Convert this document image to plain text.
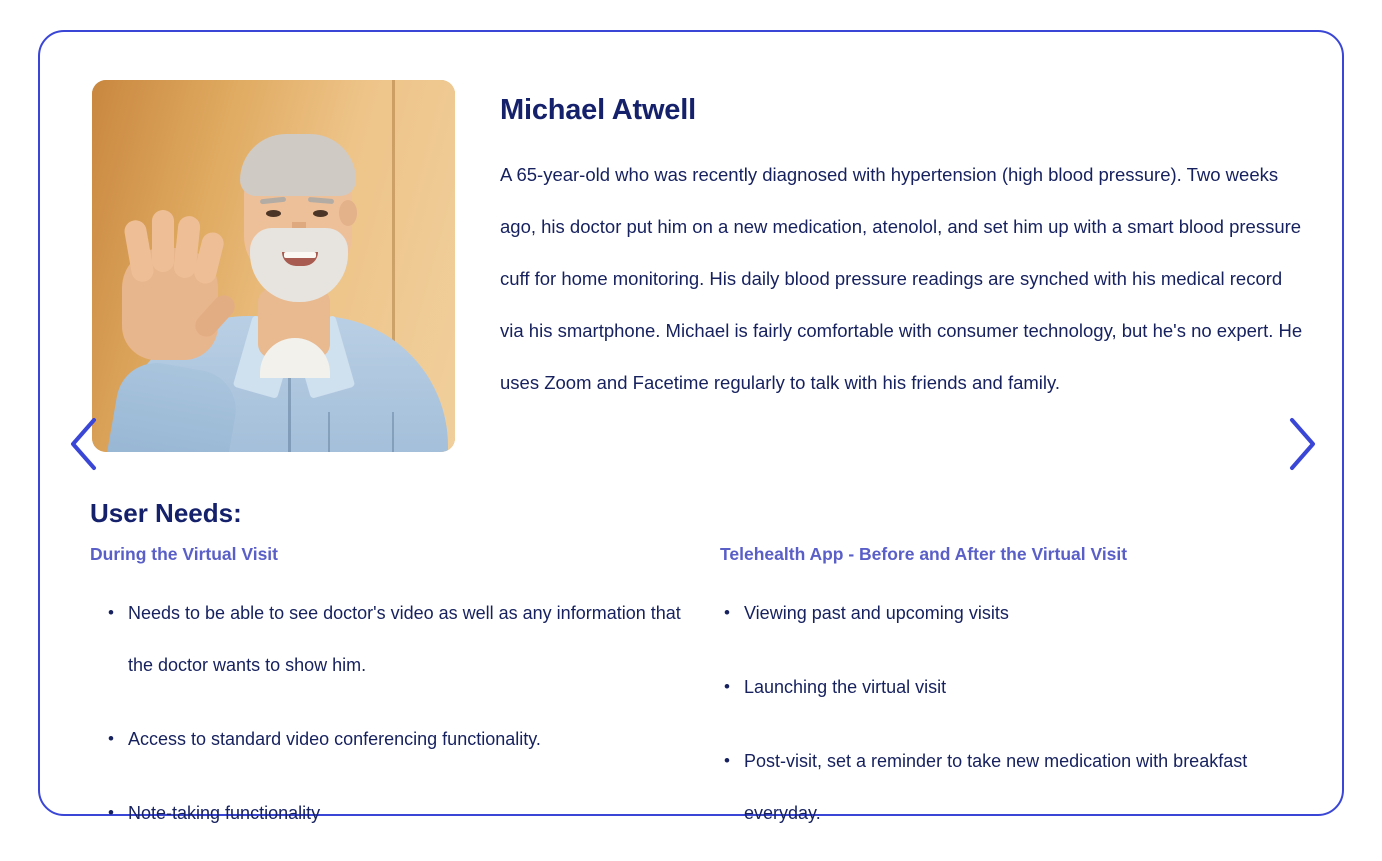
Michael Atwell

A 65-year-old who was recently diagnosed with hypertension (high blood pressure). Two weeks ago, his doctor put him on a new medication, atenolol, and set him up with a smart blood pressure cuff for home monitoring. His daily blood pressure readings are synched with his medical record via his smartphone. Michael is fairly comfortable with consumer technology, but he's no expert. He uses Zoom and Facetime regularly to talk with his friends and family.

User Needs:
During the Virtual Visit
• Needs to be able to see doctor's video as well as any information that the doctor wants to show him.
• Access to standard video conferencing functionality.
• Note-taking functionality
Telehealth App - Before and After the Virtual Visit
• Viewing past and upcoming visits
• Launching the virtual visit
• Post-visit, set a reminder to take new medication with breakfast everyday.
